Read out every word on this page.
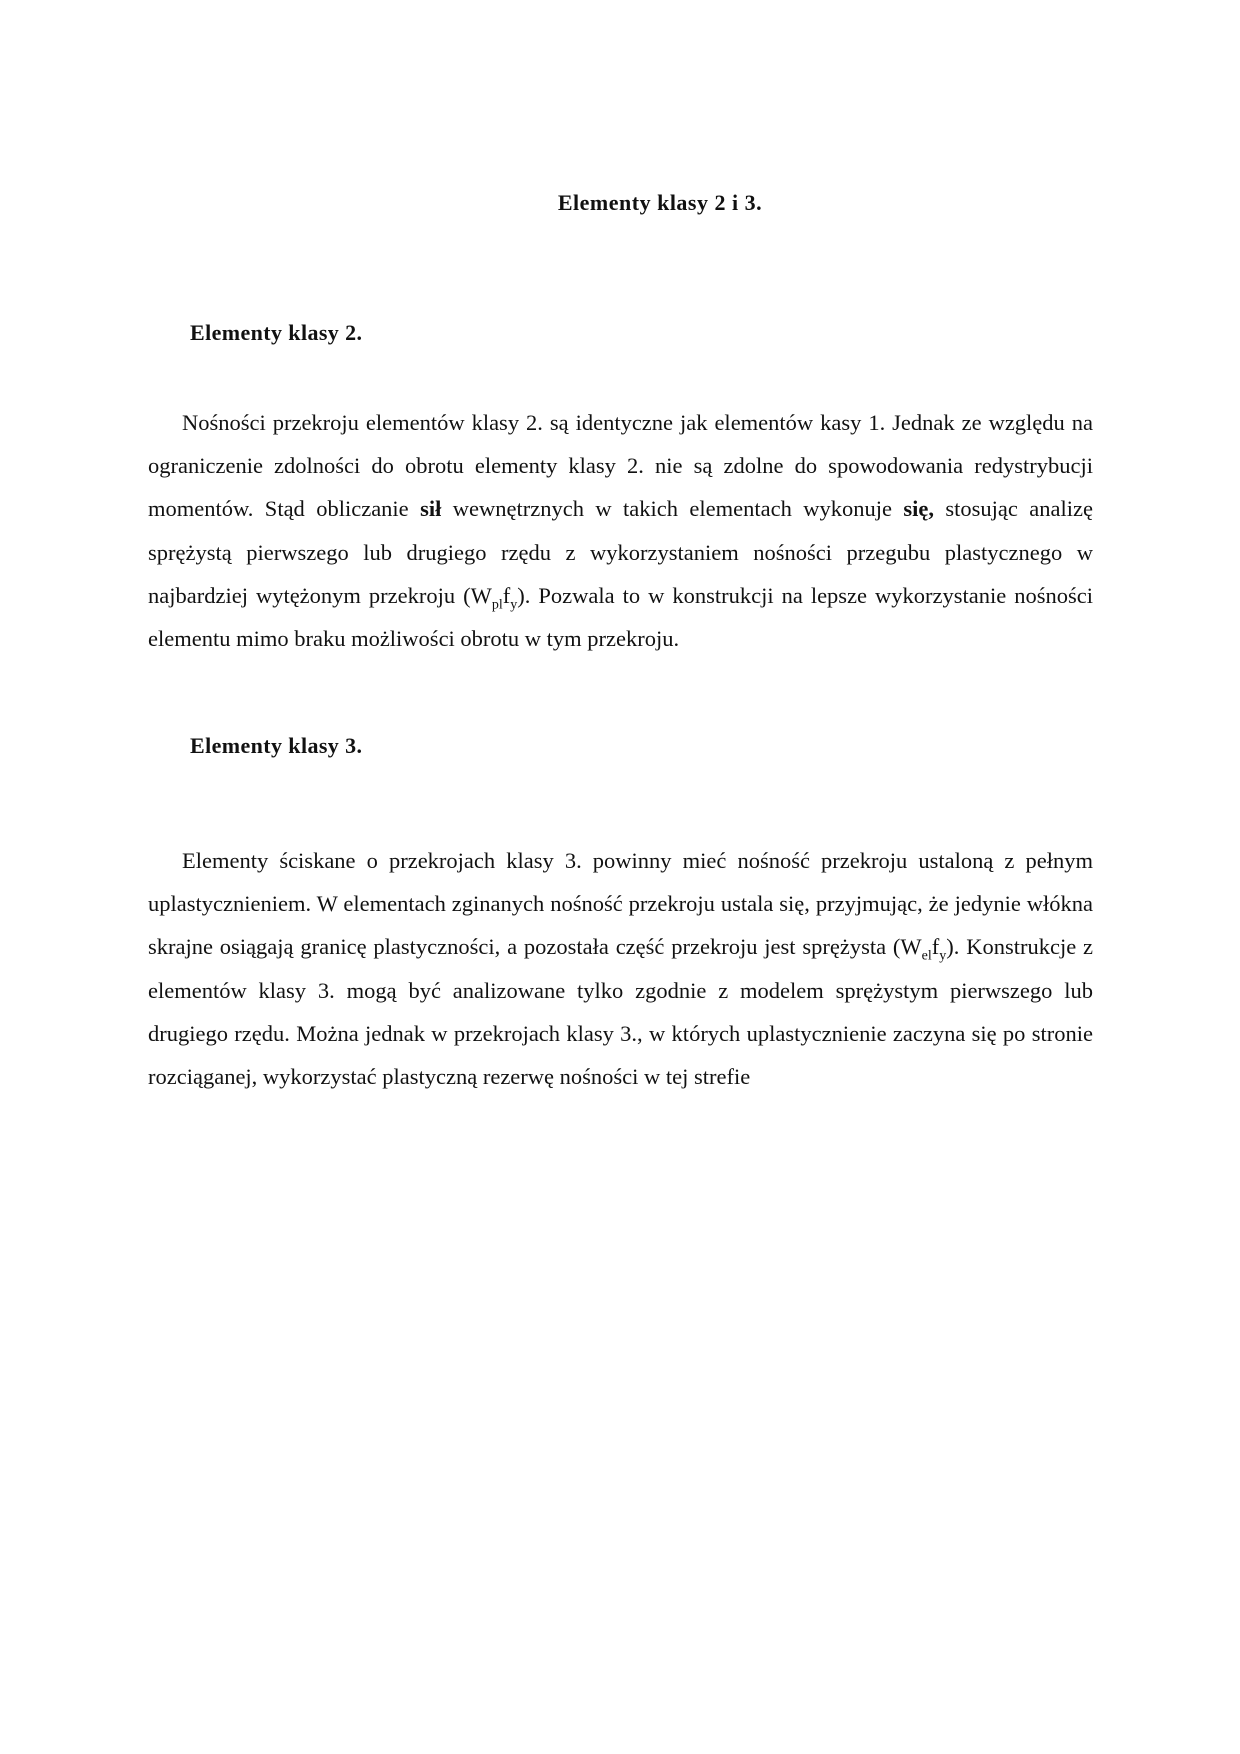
Elementy klasy 2 i 3.
Elementy klasy 2.

Nośności przekroju elementów klasy 2. są identyczne jak elementów kasy 1. Jednak ze względu na ograniczenie zdolności do obrotu elementy klasy 2. nie są zdolne do spowodowania redystrybucji momentów. Stąd obliczanie sił wewnętrznych w takich elementach wykonuje się, stosując analizę sprężystą pierwszego lub drugiego rzędu z wykorzystaniem nośności przegubu plastycznego w najbardziej wytężonym przekroju $(W_{pl}f_y)$. Pozwala to w konstrukcji na lepsze wykorzystanie nośności elementu mimo braku możliwości obrotu w tym przekroju.

Elementy klasy 3.

Elementy ściskane o przekrojach klasy 3. powinny mieć nośność przekroju ustaloną z pełnym uplastycznieniem. W elementach zginanych nośność przekroju ustala się, przyjmując, że jedynie włókna skrajne osiągają granicę plastyczności, a pozostała część przekroju jest sprężysta $(W_{el}f_y)$. Konstrukcje z elementów klasy 3. mogą być analizowane tylko zgodnie z modelem sprężystym pierwszego lub drugiego rzędu. Można jednak w przekrojach klasy 3., w których uplastycznienie zaczyna się po stronie rozciąganej, wykorzystać plastyczną rezerwę nośności w tej strefie
